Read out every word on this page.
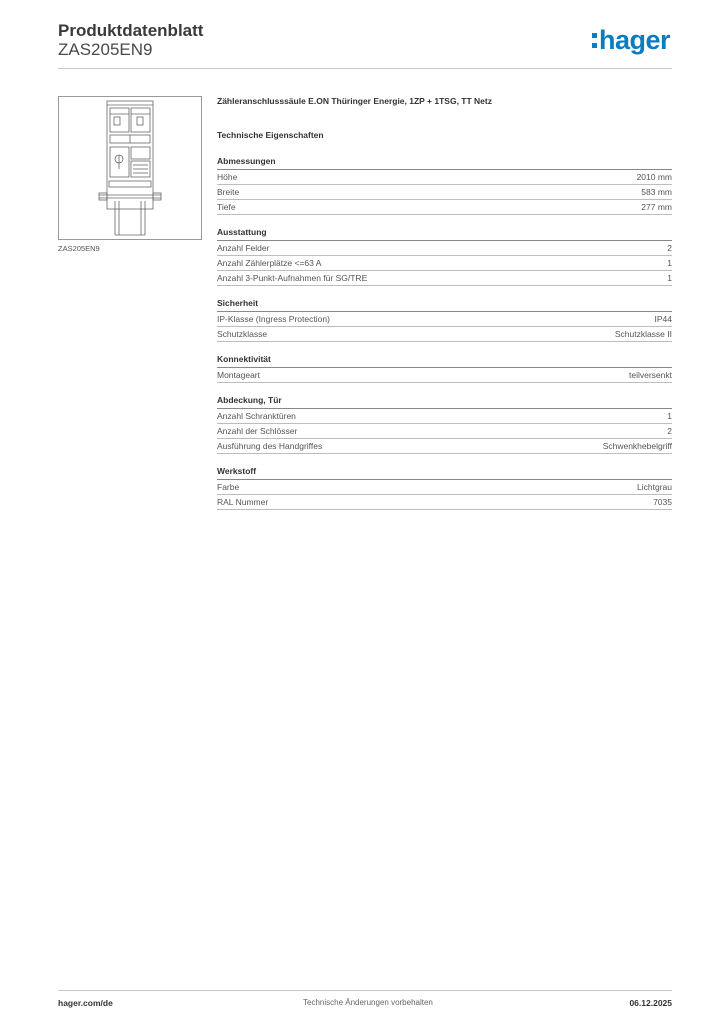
Produktdatenblatt
ZAS205EN9	hager
ZAS205EN9
Zähleranschlusssäule E.ON Thüringer Energie, 1ZP + 1TSG, TT Netz
Technische Eigenschaften
Abmessungen
Höhe	2010 mm
Breite	583 mm
Tiefe	277 mm
Ausstattung
Anzahl Felder	2
Anzahl Zählerplätze <=63 A	1
Anzahl 3-Punkt-Aufnahmen für SG/TRE	1
Sicherheit
IP-Klasse (Ingress Protection)	IP44
Schutzklasse	Schutzklasse II
Konnektivität
Montageart	teilversenkt
Abdeckung, Tür
Anzahl Schranktüren	1
Anzahl der Schlösser	2
Ausführung des Handgriffes	Schwenkhebelgriff
Werkstoff
Farbe	Lichtgrau
RAL Nummer	7035
hager.com/de	Technische Änderungen vorbehalten	06.12.2025
